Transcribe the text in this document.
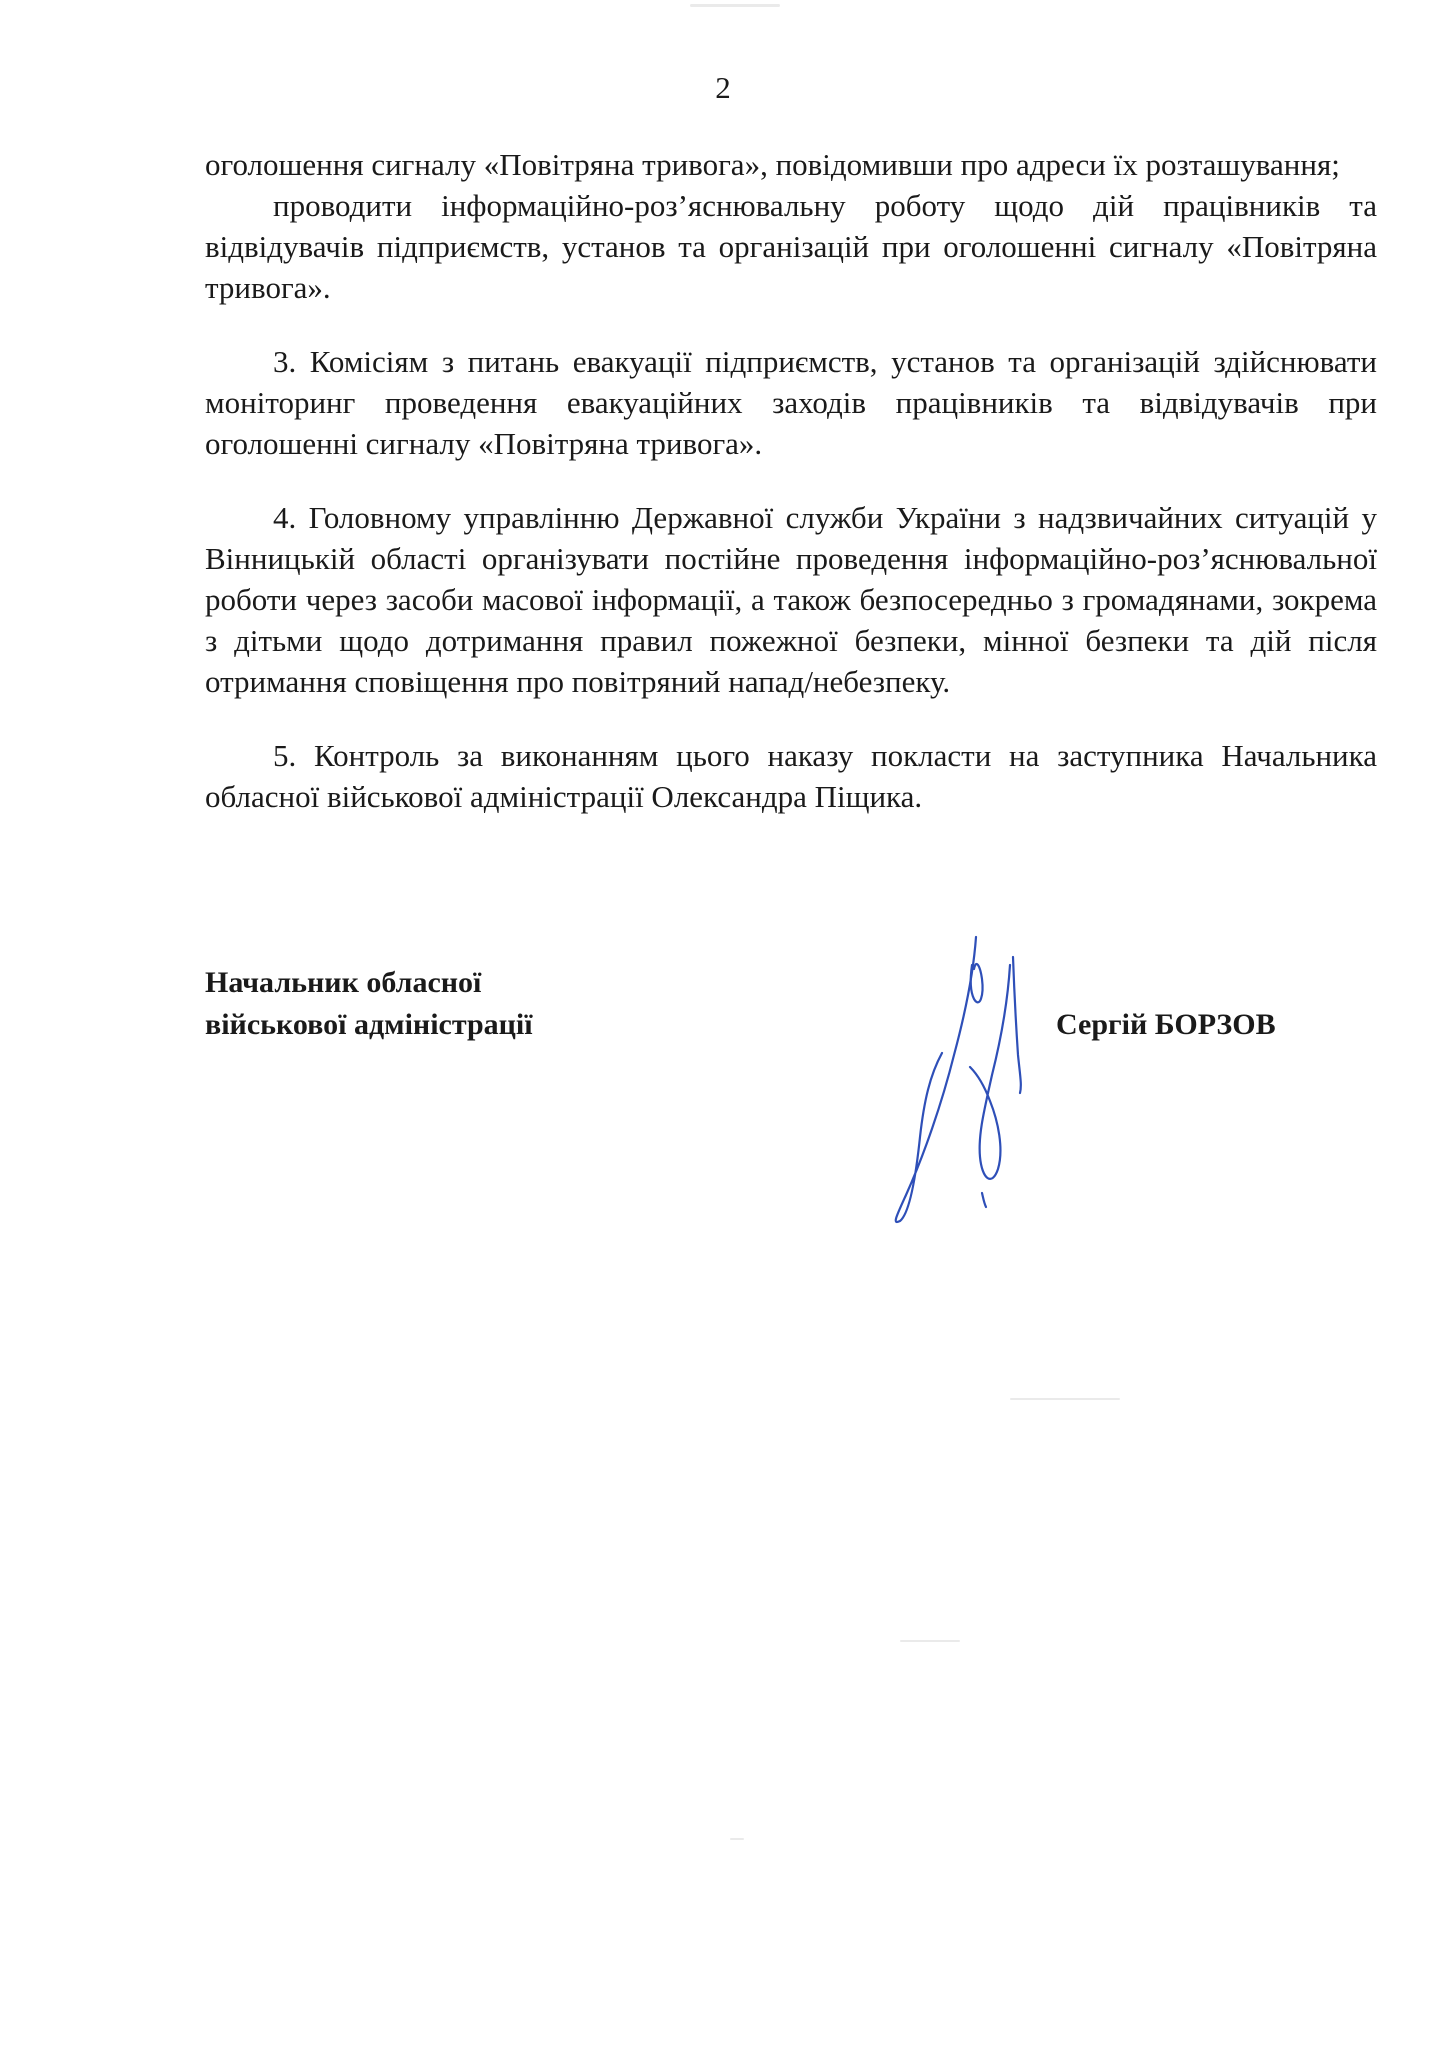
2

оголошення сигналу «Повітряна тривога», повідомивши про адреси їх розташування;

проводити інформаційно-роз’яснювальну роботу щодо дій працівників та відвідувачів підприємств, установ та організацій при оголошенні сигналу «Повітряна тривога».

3. Комісіям з питань евакуації підприємств, установ та організацій здійснювати моніторинг проведення евакуаційних заходів працівників та відвідувачів при оголошенні сигналу «Повітряна тривога».

4. Головному управлінню Державної служби України з надзвичайних ситуацій у Вінницькій області організувати постійне проведення інформаційно-роз’яснювальної роботи через засоби масової інформації, а також безпосередньо з громадянами, зокрема з дітьми щодо дотримання правил пожежної безпеки, мінної безпеки та дій після отримання сповіщення про повітряний напад/небезпеку.

5. Контроль за виконанням цього наказу покласти на заступника Начальника обласної військової адміністрації Олександра Піщика.

Начальник обласної
військової адміністрації	Сергій БОРЗОВ
